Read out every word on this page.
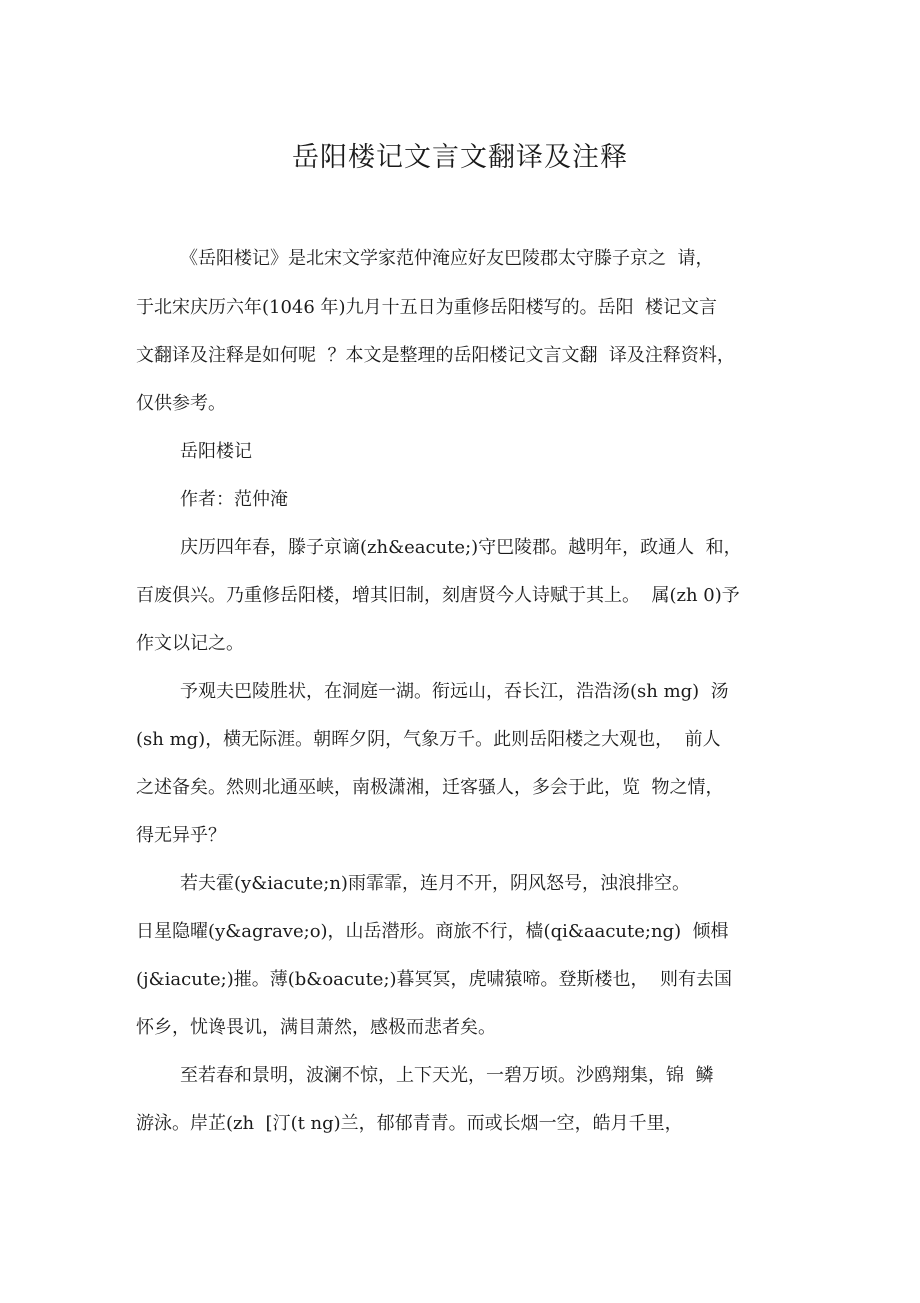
岳阳楼记文言文翻译及注释
《岳阳楼记》是北宋文学家范仲淹应好友巴陵郡太守滕子京之  请，
于北宋庆历六年(1046 年)九月十五日为重修岳阳楼写的。岳阳  楼记文言
文翻译及注释是如何呢  ？本文是整理的岳阳楼记文言文翻  译及注释资料，
仅供参考。
岳阳楼记
作者：范仲淹
庆历四年春，滕子京谪(zh&eacute;)守巴陵郡。越明年，政通人  和，
百废俱兴。乃重修岳阳楼，增其旧制，刻唐贤今人诗赋于其上。  属(zh 0)予
作文以记之。
予观夫巴陵胜状，在洞庭一湖。衔远山，吞长江，浩浩汤(sh mg)  汤
(sh mg)，横无际涯。朝晖夕阴，气象万千。此则岳阳楼之大观也，  前人
之述备矣。然则北通巫峡，南极潇湘，迁客骚人，多会于此，览  物之情，
得无异乎？
若夫霍(y&iacute;n)雨霏霏，连月不开，阴风怒号，浊浪排空。
日星隐曜(y&agrave;o)，山岳潜形。商旅不行，樯(qi&aacute;ng)  倾楫
(j&iacute;)摧。薄(b&oacute;)暮冥冥，虎啸猿啼。登斯楼也，  则有去国
怀乡，忧谗畏讥，满目萧然，感极而悲者矣。
至若春和景明，波澜不惊，上下天光，一碧万顷。沙鸥翔集，锦  鳞
游泳。岸芷(zh  [汀(t ng)兰，郁郁青青。而或长烟一空，皓月千里，
